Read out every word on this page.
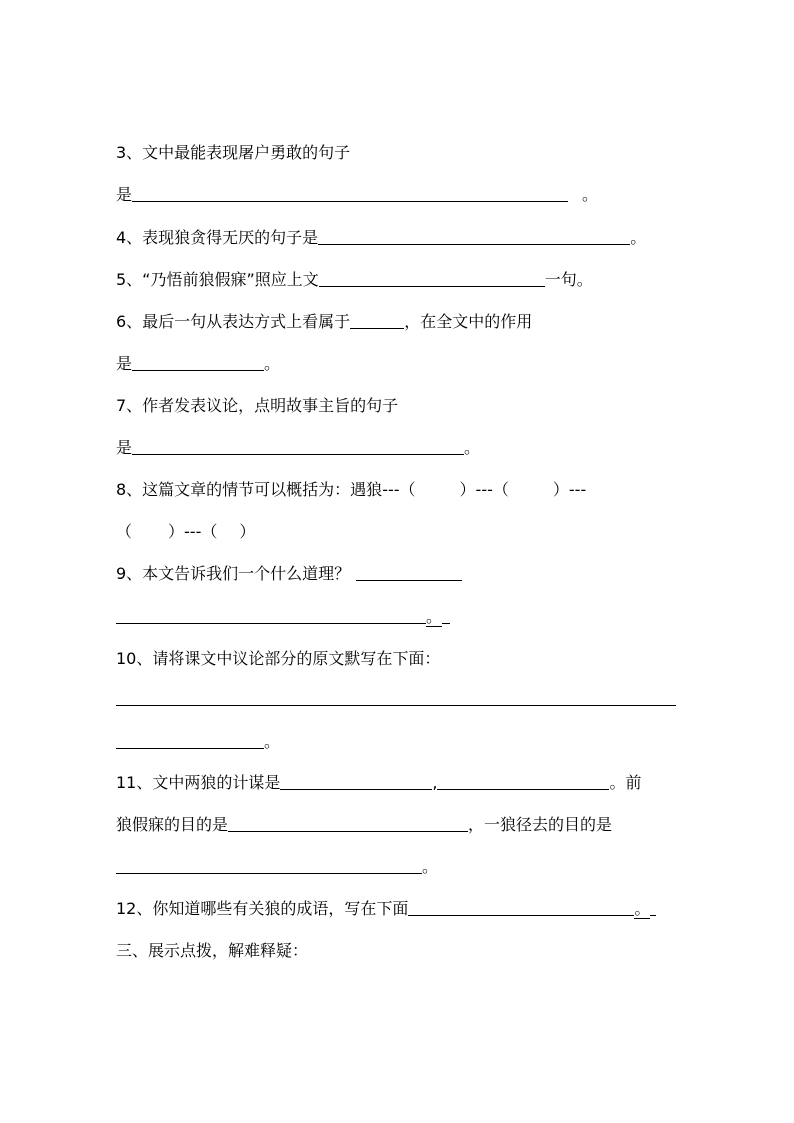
3、文中最能表现屠户勇敢的句子
是	。
4、表现狼贪得无厌的句子是	。
5、“乃悟前狼假寐”照应上文	一句。
6、最后一句从表达方式上看属于	，在全文中的作用
是	。
7、作者发表议论，点明故事主旨的句子
是	。
8、这篇文章的情节可以概括为：遇狼---（	）---（	）---
（ ）---（ ）
9、本文告诉我们一个什么道理？
。
10、请将课文中议论部分的原文默写在下面：
。
11、文中两狼的计谋是	,	。前
狼假寐的目的是	，一狼径去的目的是
。
12、你知道哪些有关狼的成语，写在下面	。
三、展示点拨，解难释疑：
